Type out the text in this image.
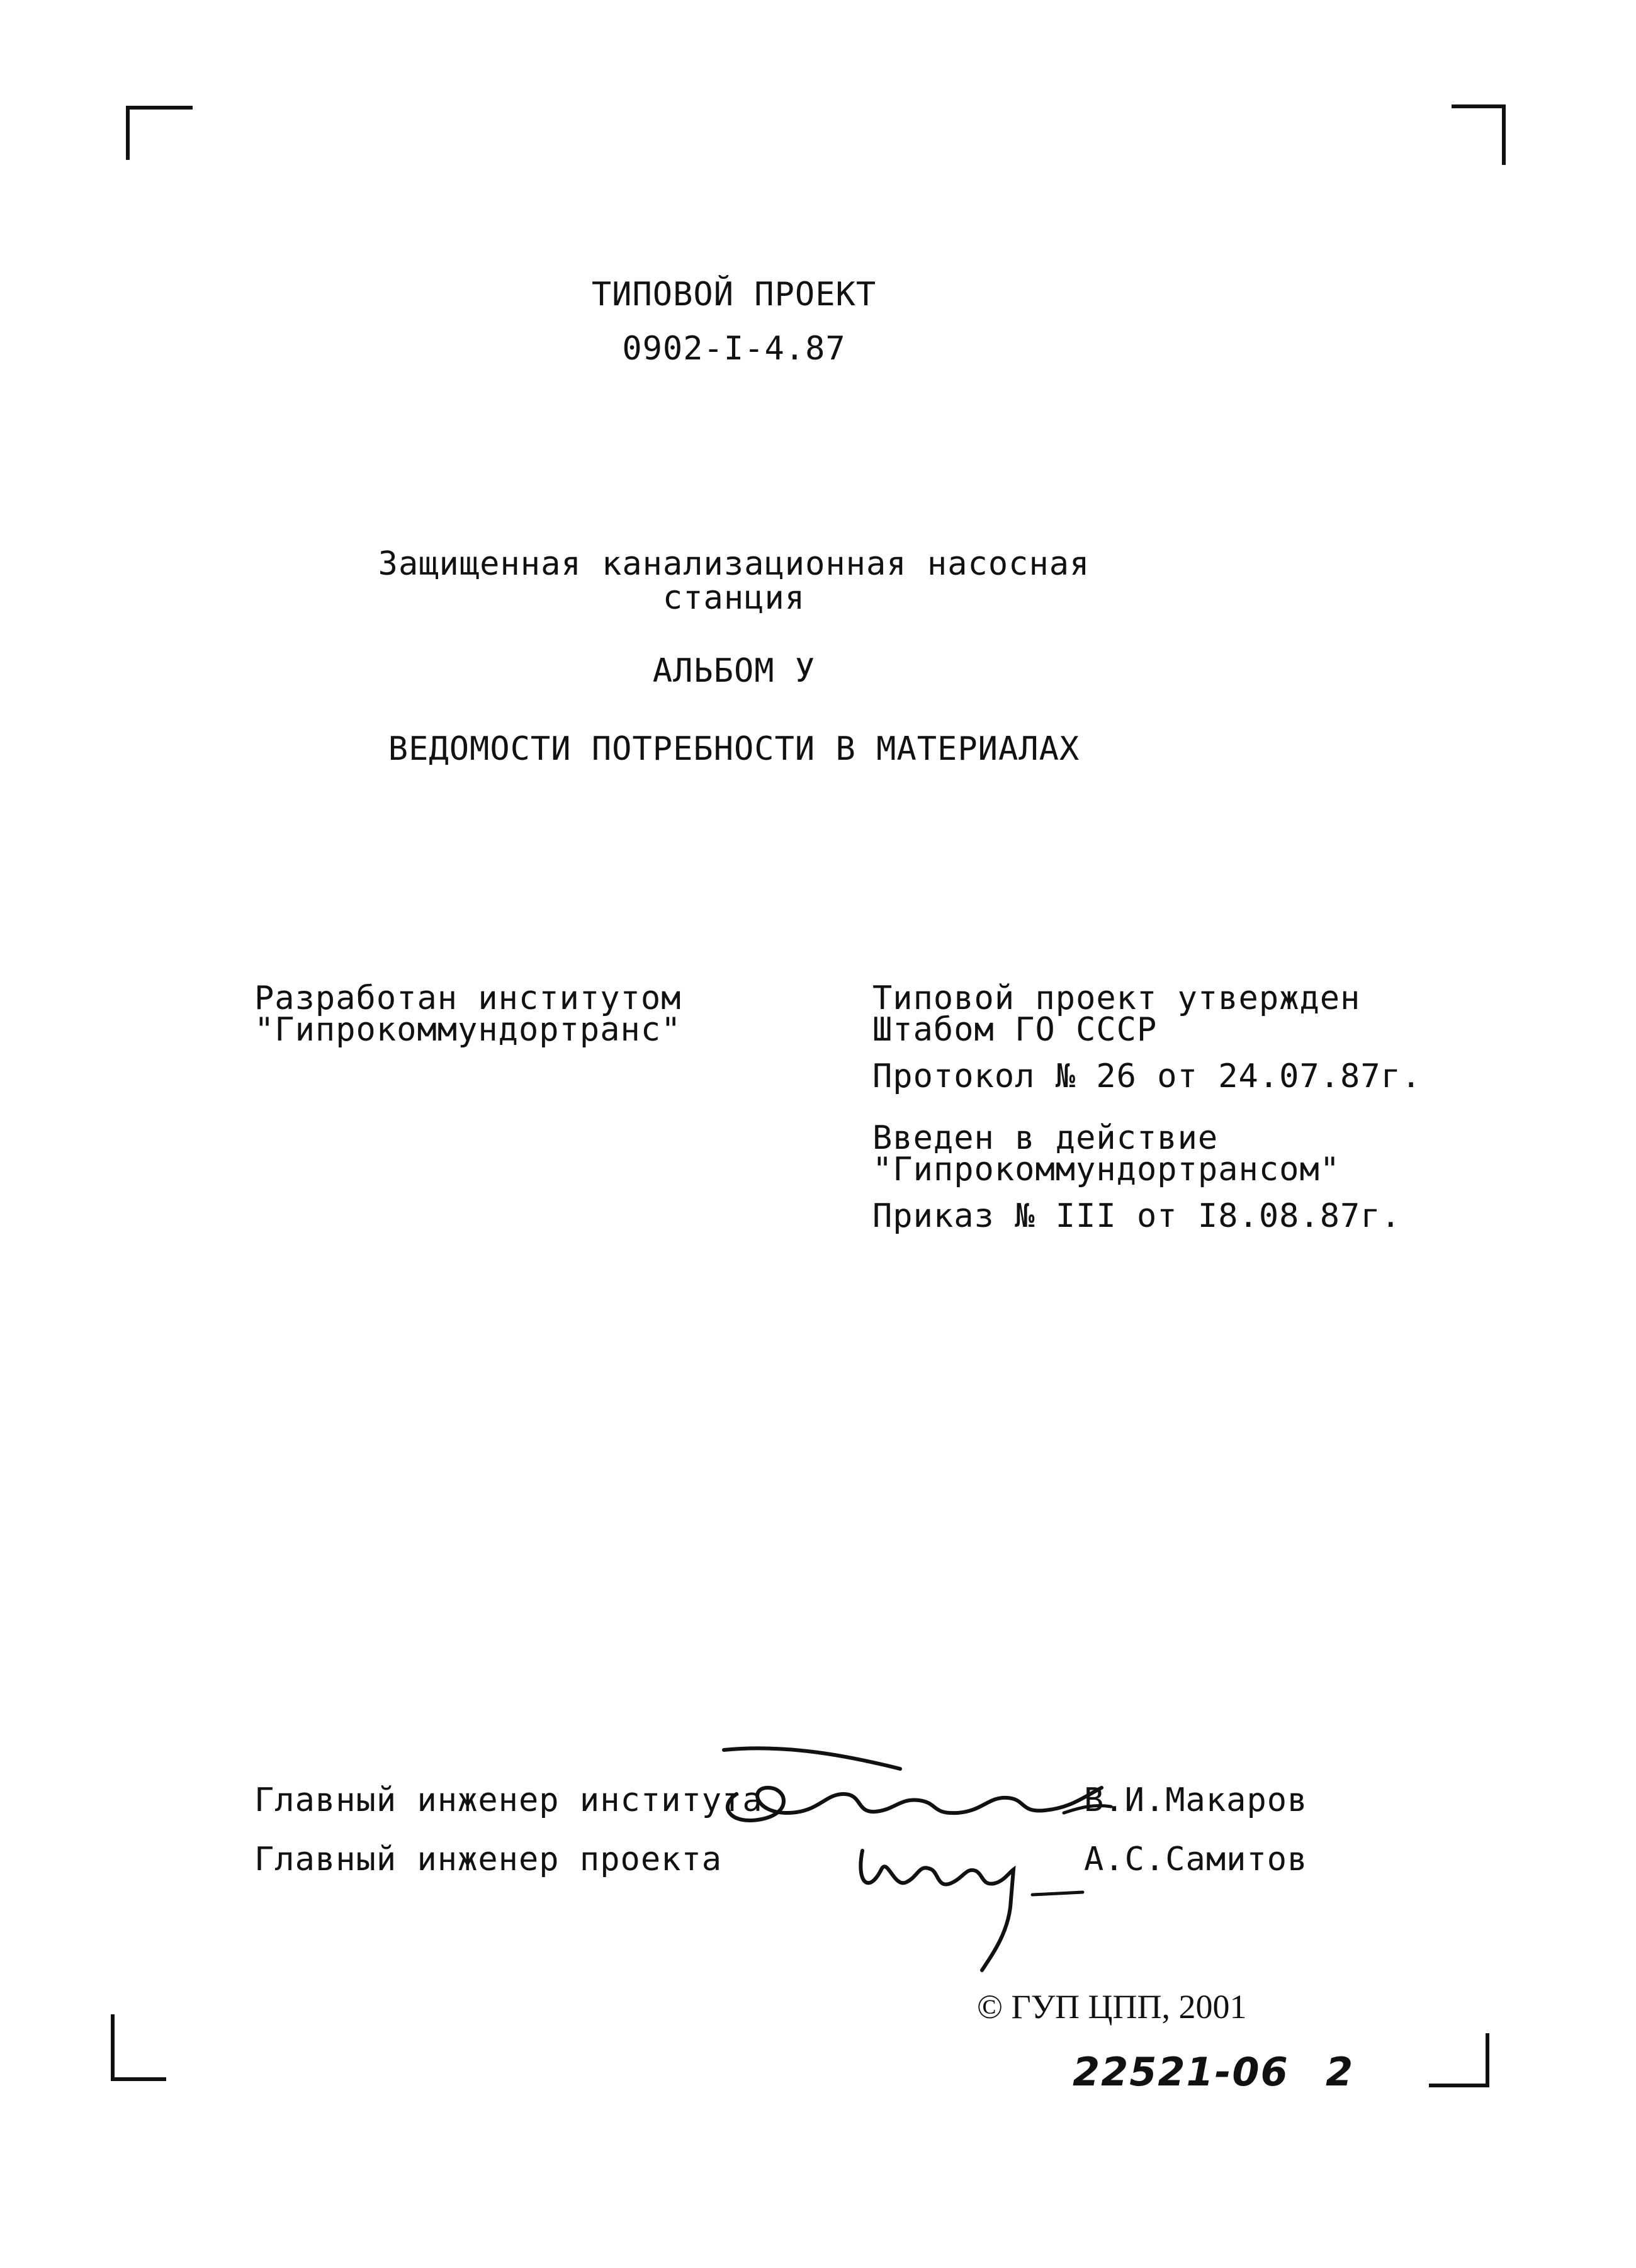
ТИПОВОЙ ПРОЕКТ
0902-I-4.87
Защищенная канализационная насосная
станция
АЛЬБОМ У
ВЕДОМОСТИ ПОТРЕБНОСТИ В МАТЕРИАЛАХ
Разработан институтом
"Гипрокоммундортранс"
Типовой проект утвержден
Штабом ГО СССР
Протокол № 26 от 24.07.87г.
Введен в действие
"Гипрокоммундортрансом"
Приказ № III от I8.08.87г.
Главный инженер института	В.И.Макаров
Главный инженер проекта	А.С.Самитов
© ГУП ЦПП, 2001
22521-06 2
